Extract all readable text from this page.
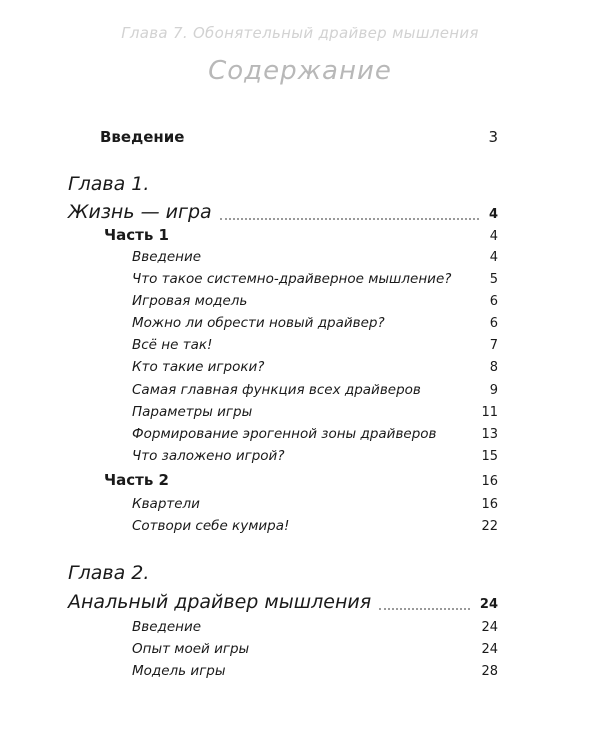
Глава 7. Обонятельный драйвер мышления
Содержание
Введение	3
Глава 1.
Жизнь — игра	4
Часть 1	4
Введение	4
Что такое системно-драйверное мышление?	5
Игровая модель	6
Можно ли обрести новый драйвер?	6
Всё не так!	7
Кто такие игроки?	8
Самая главная функция всех драйверов	9
Параметры игры	11
Формирование эрогенной зоны драйверов	13
Что заложено игрой?	15
Часть 2	16
Квартели	16
Сотвори себе кумира!	22
Глава 2.
Анальный драйвер мышления	24
Введение	24
Опыт моей игры	24
Модель игры	28
